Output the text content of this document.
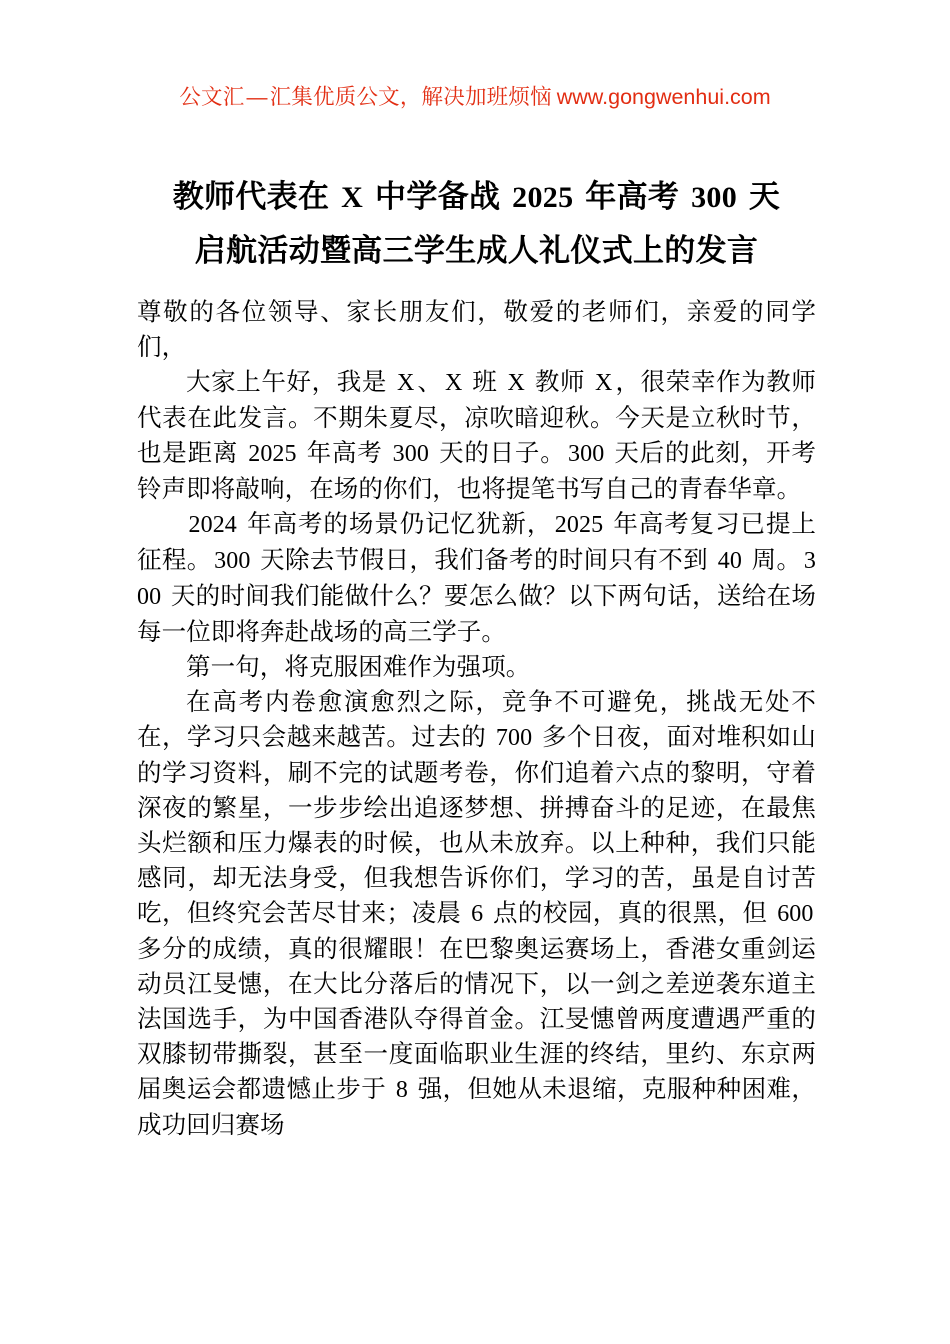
公文汇—汇集优质公文，解决加班烦恼 www.gongwenhui.com
教师代表在 X 中学备战 2025 年高考 300 天
启航活动暨高三学生成人礼仪式上的发言

尊敬的各位领导、家长朋友们，敬爱的老师们，亲爱的同学们，

大家上午好，我是 X 、 X 班 X 教师 X ，很荣幸作为教师代表在此发言。不期朱夏尽，凉吹暗迎秋。今天是立秋时节，也是距离 2025 年高考 300 天的日子。 300 天后的此刻，开考铃声即将敲响，在场的你们，也将提笔书写自己的青春华章。

2024 年高考的场景仍记忆犹新， 2025 年高考复习已提上征程。 300 天除去节假日，我们备考的时间只有不到 40 周。 300 天的时间我们能做什么？要怎么做？以下两句话，送给在场每一位即将奔赴战场的高三学子。

第一句，将克服困难作为强项。

在高考内卷愈演愈烈之际，竞争不可避免，挑战无处不在，学习只会越来越苦。过去的 700 多个日夜，面对堆积如山的学习资料，刷不完的试题考卷，你们追着六点的黎明，守着深夜的繁星，一步步绘出追逐梦想、拼搏奋斗的足迹，在最焦头烂额和压力爆表的时候，也从未放弃。以上种种，我们只能感同，却无法身受，但我想告诉你们，学习的苦，虽是自讨苦吃，但终究会苦尽甘来；凌晨 6 点的校园，真的很黑，但 600 多分的成绩，真的很耀眼！在巴黎奥运赛场上，香港女重剑运动员江旻憓，在大比分落后的情况下，以一剑之差逆袭东道主法国选手，为中国香港队夺得首金。江旻憓曾两度遭遇严重的双膝韧带撕裂，甚至一度面临职业生涯的终结，里约、东京两届奥运会都遗憾止步于 8 强，但她从未退缩，克服种种困难，成功回归赛场
